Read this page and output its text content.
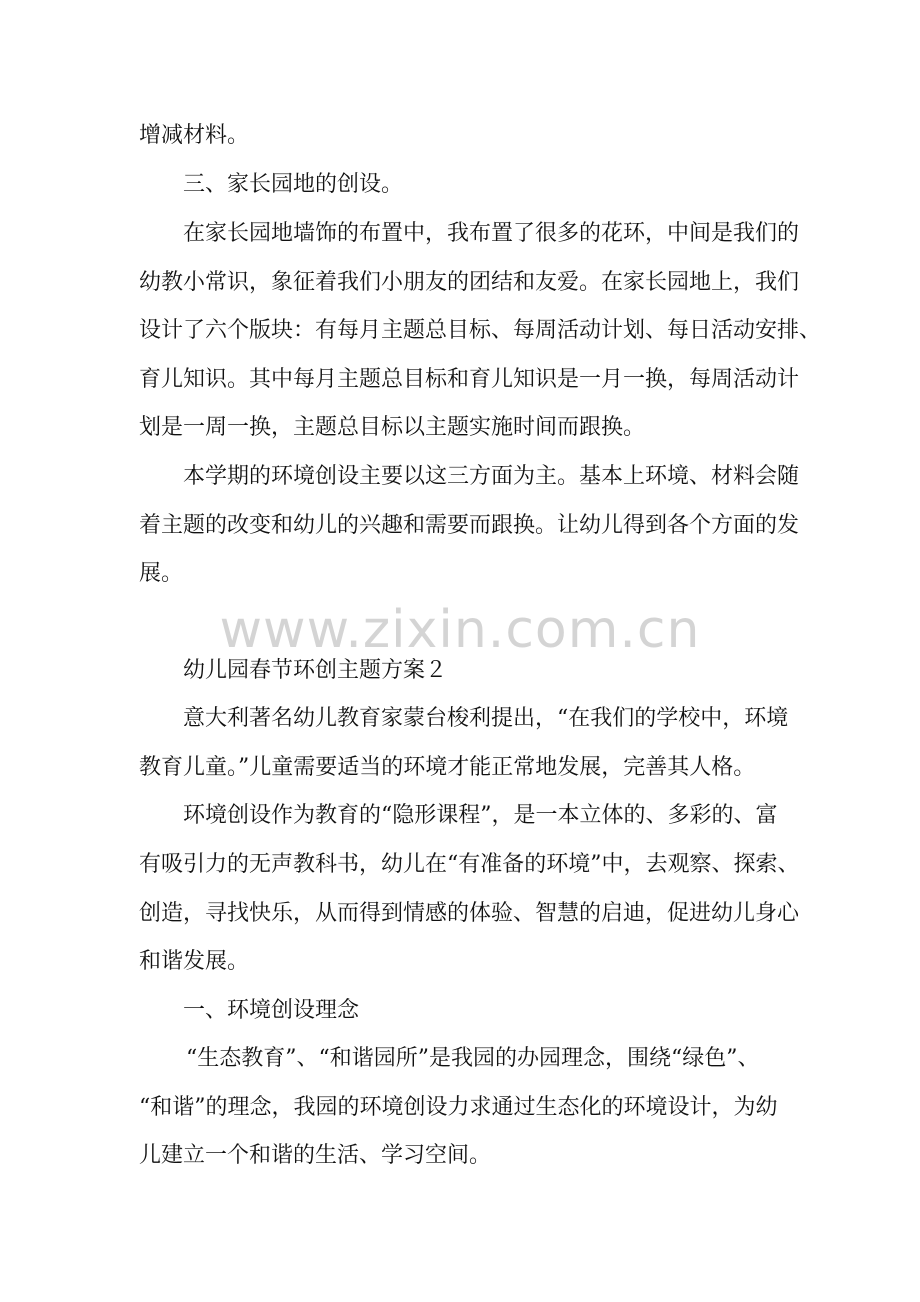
www.zixin.com.cn
增减材料。
三、家长园地的创设。
在家长园地墙饰的布置中，我布置了很多的花环，中间是我们的
幼教小常识，象征着我们小朋友的团结和友爱。在家长园地上，我们
设计了六个版块：有每月主题总目标、每周活动计划、每日活动安排、
育儿知识。其中每月主题总目标和育儿知识是一月一换，每周活动计
划是一周一换，主题总目标以主题实施时间而跟换。
本学期的环境创设主要以这三方面为主。基本上环境、材料会随
着主题的改变和幼儿的兴趣和需要而跟换。让幼儿得到各个方面的发
展。
幼儿园春节环创主题方案２
意大利著名幼儿教育家蒙台梭利提出，“在我们的学校中，环境
教育儿童。”儿童需要适当的环境才能正常地发展，完善其人格。
环境创设作为教育的“隐形课程”，是一本立体的、多彩的、富
有吸引力的无声教科书，幼儿在“有准备的环境”中，去观察、探索、
创造，寻找快乐，从而得到情感的体验、智慧的启迪，促进幼儿身心
和谐发展。
一、环境创设理念
“生态教育”、“和谐园所”是我园的办园理念，围绕“绿色”、
“和谐”的理念，我园的环境创设力求通过生态化的环境设计，为幼
儿建立一个和谐的生活、学习空间。
